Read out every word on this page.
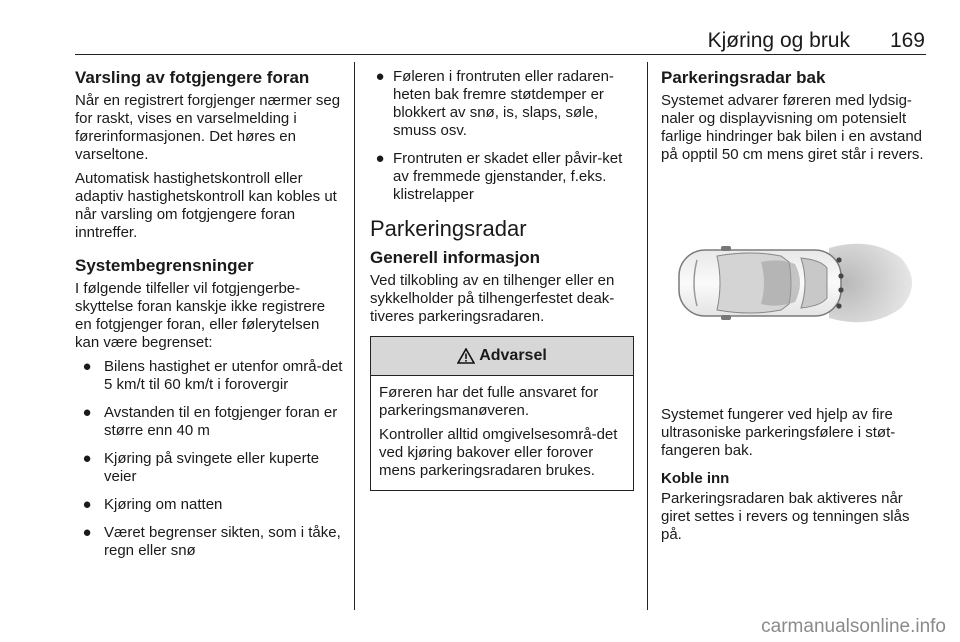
Kjøring og bruk	169
Varsling av fotgjengere foran

Når en registrert forgjenger nærmer seg for raskt, vises en varselmelding i førerinformasjonen. Det høres en varseltone.

Automatisk hastighetskontroll eller adaptiv hastighetskontroll kan kobles ut når varsling om fotgjengere foran inntreffer.

Systembegrensninger

I følgende tilfeller vil fotgjengerbe-skyttelse foran kanskje ikke registrere en fotgjenger foran, eller følerytelsen kan være begrenset:

● Bilens hastighet er utenfor områ-det 5 km/t til 60 km/t i forovergir
● Avstanden til en fotgjenger foran er større enn 40 m
● Kjøring på svingete eller kuperte veier
● Kjøring om natten
● Været begrenser sikten, som i tåke, regn eller snø
● Føleren i frontruten eller radaren-heten bak fremre støtdemper er blokkert av snø, is, slaps, søle, smuss osv.
● Frontruten er skadet eller påvir-ket av fremmede gjenstander, f.eks. klistrelapper
Parkeringsradar
Generell informasjon

Ved tilkobling av en tilhenger eller en sykkelholder på tilhengerfestet deak-tiveres parkeringsradaren.

Advarsel

Føreren har det fulle ansvaret for parkeringsmanøveren.

Kontroller alltid omgivelsesområ-det ved kjøring bakover eller forover mens parkeringsradaren brukes.

Parkeringsradar bak

Systemet advarer føreren med lydsig-naler og displayvisning om potensielt farlige hindringer bak bilen i en avstand på opptil 50 cm mens giret står i revers.

Systemet fungerer ved hjelp av fire ultrasoniske parkeringsfølere i støt-fangeren bak.

Koble inn

Parkeringsradaren bak aktiveres når giret settes i revers og tenningen slås på.

carmanualsonline.info
